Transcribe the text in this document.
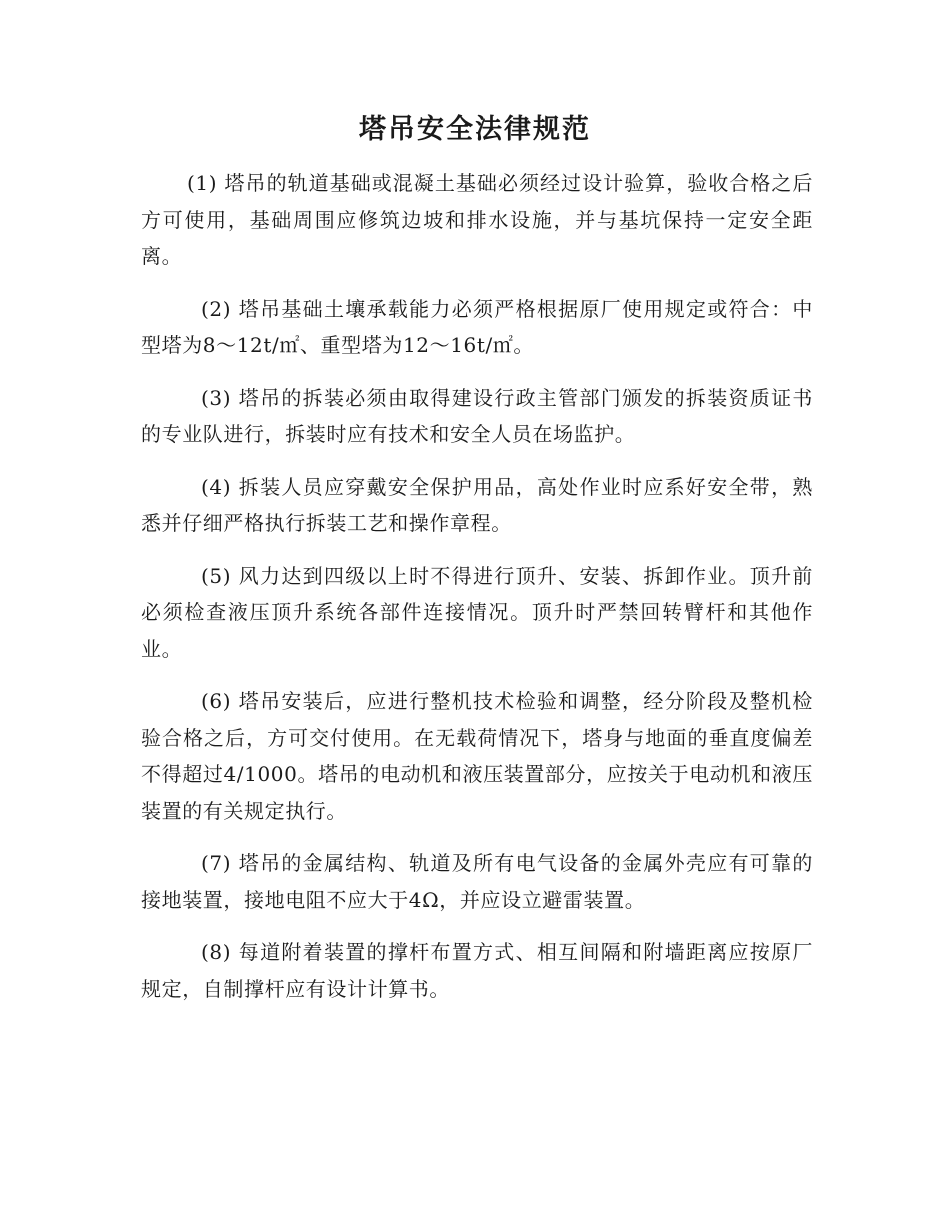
塔吊安全法律规范

(1) 塔吊的轨道基础或混凝土基础必须经过设计验算，验收合格之后方可使用，基础周围应修筑边坡和排水设施，并与基坑保持一定安全距离。

(2) 塔吊基础土壤承载能力必须严格根据原厂使用规定或符合：中型塔为8～12t/㎡、重型塔为12～16t/㎡。

(3) 塔吊的拆装必须由取得建设行政主管部门颁发的拆装资质证书的专业队进行，拆装时应有技术和安全人员在场监护。

(4) 拆装人员应穿戴安全保护用品，高处作业时应系好安全带，熟悉并仔细严格执行拆装工艺和操作章程。

(5) 风力达到四级以上时不得进行顶升、安装、拆卸作业。顶升前必须检查液压顶升系统各部件连接情况。顶升时严禁回转臂杆和其他作业。

(6) 塔吊安装后，应进行整机技术检验和调整，经分阶段及整机检验合格之后，方可交付使用。在无载荷情况下，塔身与地面的垂直度偏差不得超过4/1000。塔吊的电动机和液压装置部分，应按关于电动机和液压装置的有关规定执行。

(7) 塔吊的金属结构、轨道及所有电气设备的金属外壳应有可靠的接地装置，接地电阻不应大于4Ω，并应设立避雷装置。

(8) 每道附着装置的撑杆布置方式、相互间隔和附墙距离应按原厂规定，自制撑杆应有设计计算书。
